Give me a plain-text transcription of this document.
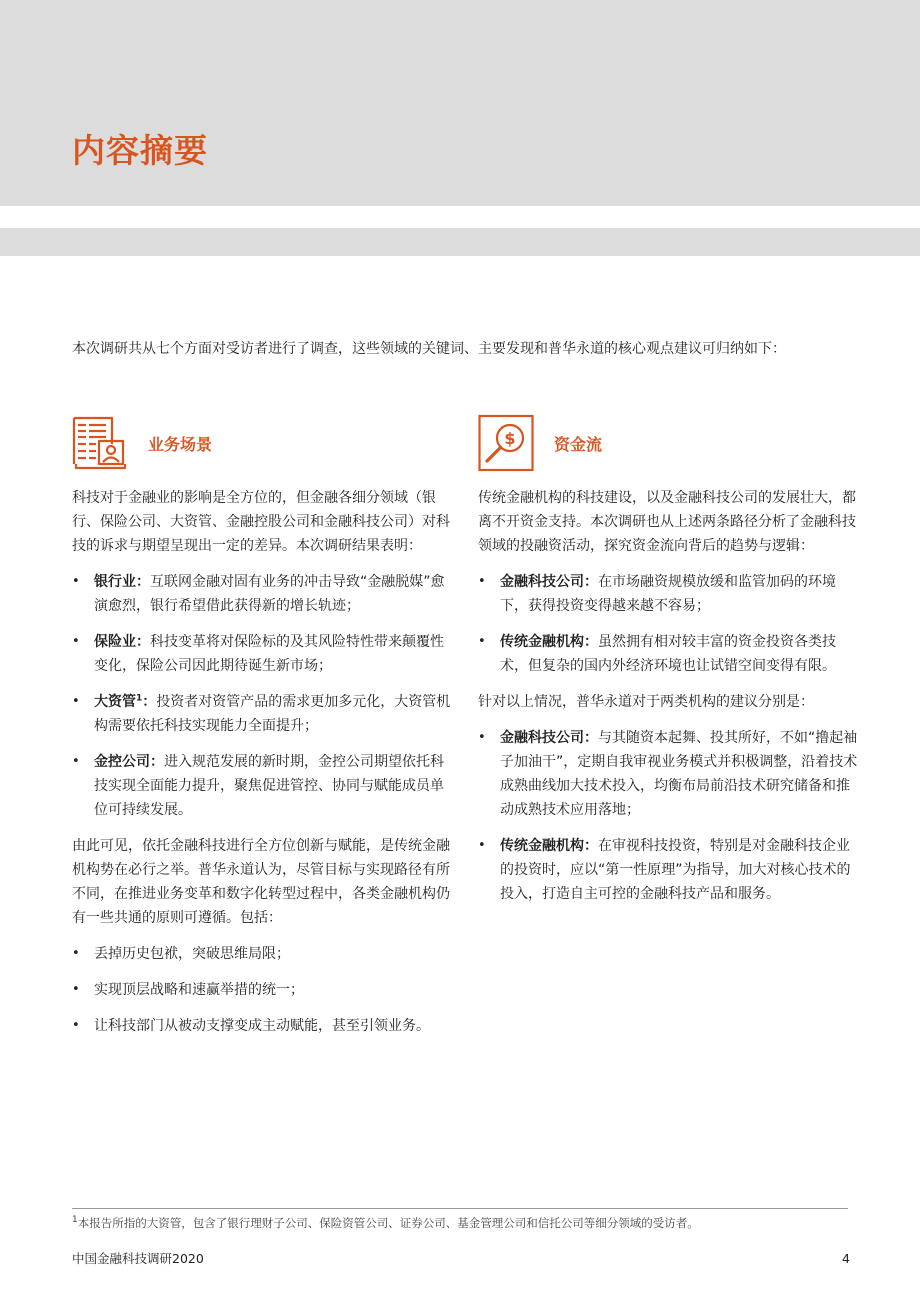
内容摘要

本次调研共从七个方面对受访者进行了调查，这些领域的关键词、主要发现和普华永道的核心观点建议可归纳如下：

业务场景

科技对于金融业的影响是全方位的，但金融各细分领域（银行、保险公司、大资管、金融控股公司和金融科技公司）对科技的诉求与期望呈现出一定的差异。本次调研结果表明：

• 银行业：互联网金融对固有业务的冲击导致“金融脱媒”愈演愈烈，银行希望借此获得新的增长轨迹；
• 保险业：科技变革将对保险标的及其风险特性带来颠覆性变化，保险公司因此期待诞生新市场；
• 大资管$^1$：投资者对资管产品的需求更加多元化，大资管机构需要依托科技实现能力全面提升；
• 金控公司：进入规范发展的新时期，金控公司期望依托科技实现全面能力提升，聚焦促进管控、协同与赋能成员单位可持续发展。

由此可见，依托金融科技进行全方位创新与赋能，是传统金融机构势在必行之举。普华永道认为，尽管目标与实现路径有所不同，在推进业务变革和数字化转型过程中，各类金融机构仍有一些共通的原则可遵循。包括：

• 丢掉历史包袱，突破思维局限；
• 实现顶层战略和速赢举措的统一；
• 让科技部门从被动支撑变成主动赋能，甚至引领业务。
$ 资金流

传统金融机构的科技建设，以及金融科技公司的发展壮大，都离不开资金支持。本次调研也从上述两条路径分析了金融科技领域的投融资活动，探究资金流向背后的趋势与逻辑：

• 金融科技公司：在市场融资规模放缓和监管加码的环境下，获得投资变得越来越不容易；
• 传统金融机构：虽然拥有相对较丰富的资金投资各类技术，但复杂的国内外经济环境也让试错空间变得有限。

针对以上情况，普华永道对于两类机构的建议分别是：

• 金融科技公司：与其随资本起舞、投其所好，不如“撸起袖子加油干”，定期自我审视业务模式并积极调整，沿着技术成熟曲线加大技术投入，均衡布局前沿技术研究储备和推动成熟技术应用落地；
• 传统金融机构：在审视科技投资，特别是对金融科技企业的投资时，应以“第一性原理”为指导，加大对核心技术的投入，打造自主可控的金融科技产品和服务。

$^1$本报告所指的大资管，包含了银行理财子公司、保险资管公司、证券公司、基金管理公司和信托公司等细分领域的受访者。

中国金融科技调研2020	4
